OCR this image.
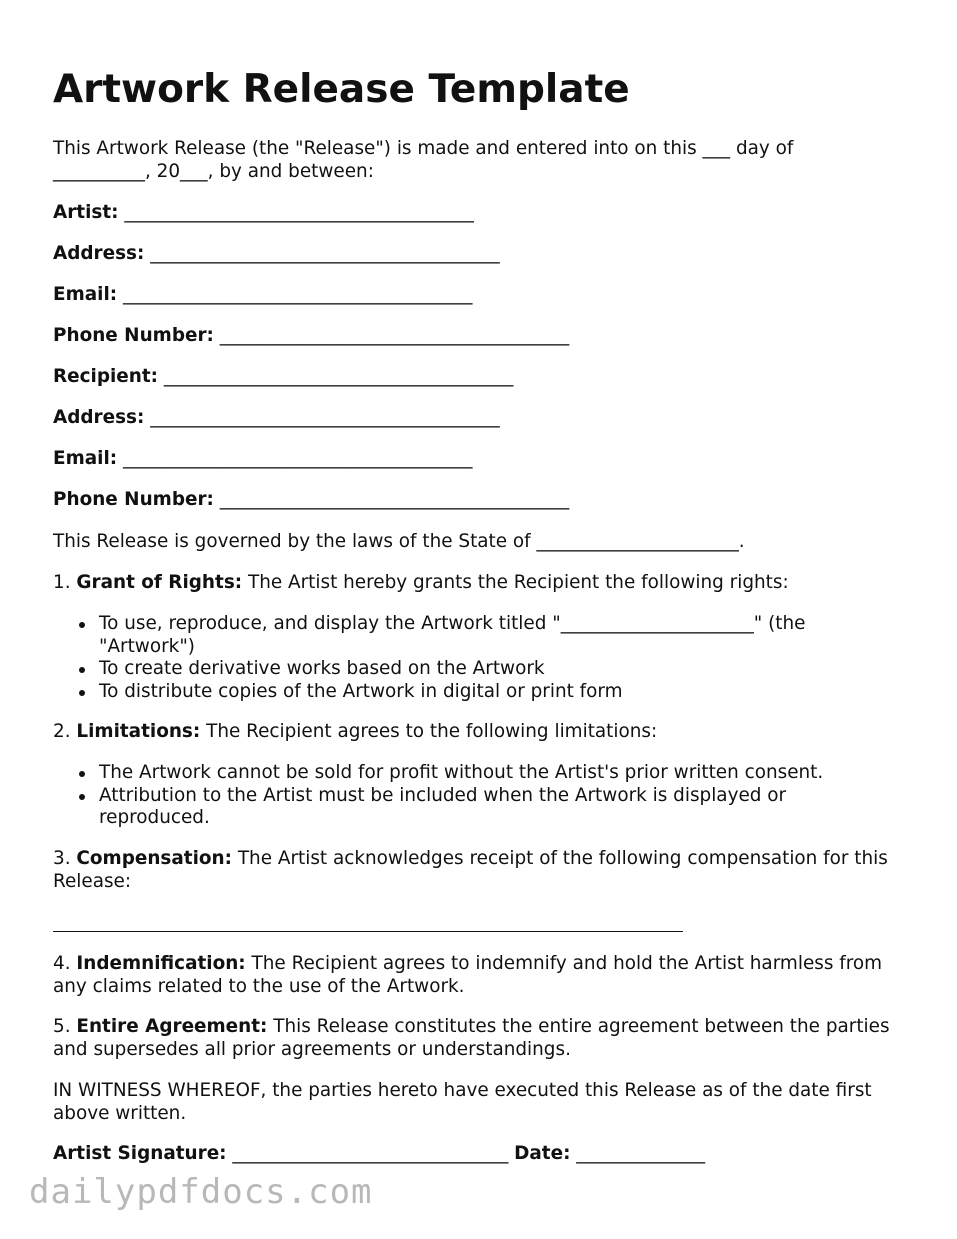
Artwork Release Template
This Artwork Release (the "Release") is made and entered into on this ___ day of
__________, 20___, by and between:
Artist: ______________________________________
Address: ______________________________________
Email: ______________________________________
Phone Number: ______________________________________
Recipient: ______________________________________
Address: ______________________________________
Email: ______________________________________
Phone Number: ______________________________________
This Release is governed by the laws of the State of ______________________.
1. Grant of Rights: The Artist hereby grants the Recipient the following rights:
To use, reproduce, and display the Artwork titled "_____________________" (the "Artwork")
To create derivative works based on the Artwork
To distribute copies of the Artwork in digital or print form
2. Limitations: The Recipient agrees to the following limitations:
The Artwork cannot be sold for profit without the Artist's prior written consent.
Attribution to the Artist must be included when the Artwork is displayed or reproduced.
3. Compensation: The Artist acknowledges receipt of the following compensation for this Release:
4. Indemnification: The Recipient agrees to indemnify and hold the Artist harmless from any claims related to the use of the Artwork.
5. Entire Agreement: This Release constitutes the entire agreement between the parties and supersedes all prior agreements or understandings.
IN WITNESS WHEREOF, the parties hereto have executed this Release as of the date first above written.
Artist Signature: ______________________________ Date: ______________
dailypdfdocs.com
